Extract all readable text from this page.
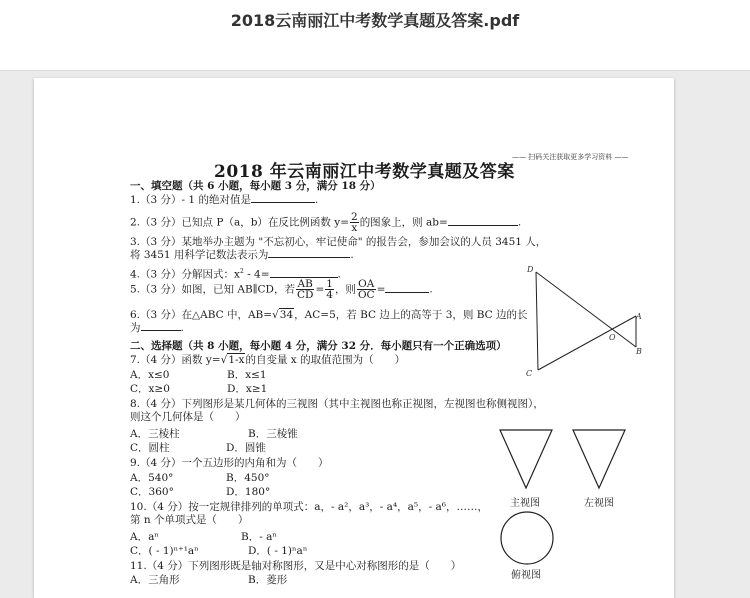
2018云南丽江中考数学真题及答案.pdf
—— 扫码关注获取更多学习资料 ——
2018 年云南丽江中考数学真题及答案
一、填空题（共 6 小题，每小题 3 分，满分 18 分）
1.（3 分）- 1 的绝对值是	.
2.（3 分）已知点 P（a，b）在反比例函数 $y= \frac{2}{x}$ 的图象上，则 ab=	.
3.（3 分）某地举办主题为 "不忘初心，牢记使命" 的报告会，参加会议的人员 3451 人，
将 3451 用科学记数法表示为	.
4.（3 分）分解因式：$x^2 - 4=$	.
5.（3 分）如图，已知 AB∥CD，若 $\frac{AB}{CD} = \frac{1}{4}$ ，则 $\frac{OA}{OC}$ =	.
6.（3 分）在△ABC 中，AB=√34，AC=5，若 BC 边上的高等于 3，则 BC 边的长
为	.
二、选择题（共 8 小题，每小题 4 分，满分 32 分．每小题只有一个正确选项）
7.（4 分）函数 y=√1-x的自变量 x 的取值范围为（　　）
A．x≤0	B．x≤1
C．x≥0	D．x≥1
8.（4 分）下列图形是某几何体的三视图（其中主视图也称正视图，左视图也称侧视图），
则这个几何体是（　　）
A．三棱柱	B．三棱锥
C．圆柱	D．圆锥
9.（4 分）一个五边形的内角和为（　　）
A．540°	B．450°
C．360°	D．180°
10.（4 分）按一定规律排列的单项式：a，- a²，a³，- a⁴，a⁵，- a⁶，……，
第 n 个单项式是（　　）
A．aⁿ	B．- aⁿ
C．( - 1)ⁿ⁺¹aⁿ	D．( - 1)ⁿaⁿ
11.（4 分）下列图形既是轴对称图形，又是中心对称图形的是（　　）
A．三角形	B．菱形
D
A
O
B
C
主视图	左视图
俯视图
